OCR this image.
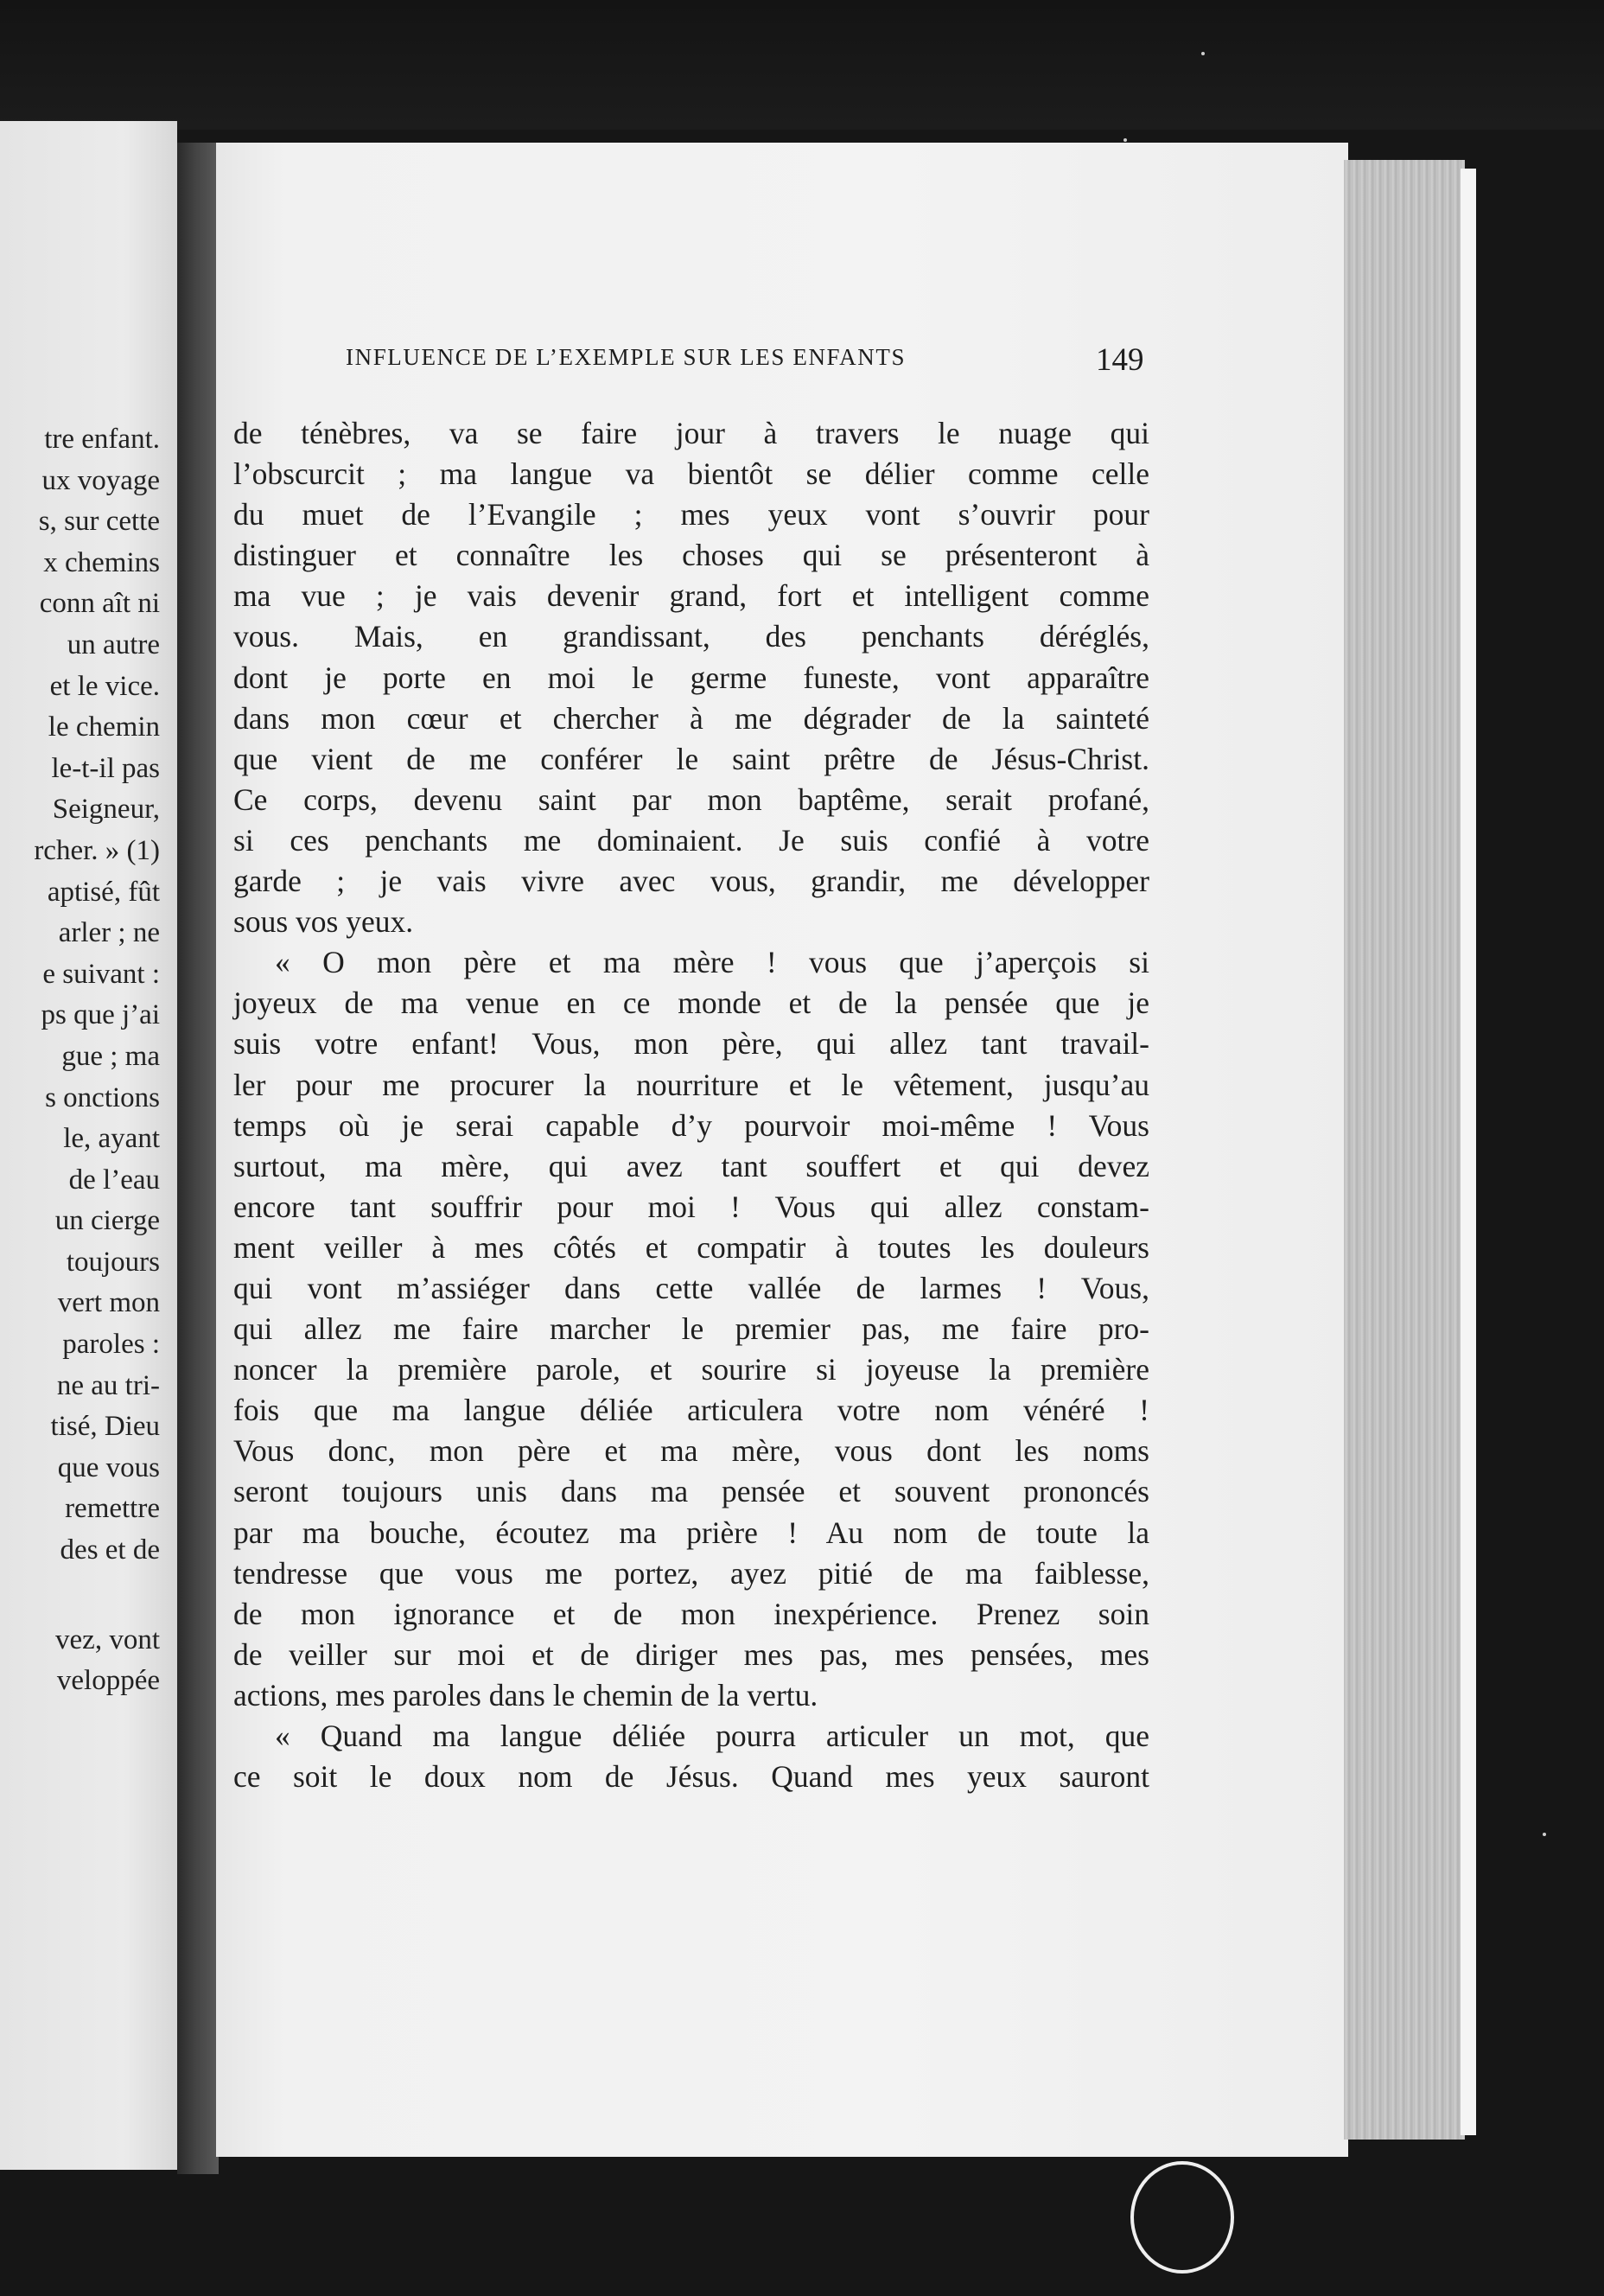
tre enfant.
ux voyage
s, sur cette
x chemins
conn aît ni
un autre
et le vice.
le chemin
le-t-il pas
Seigneur,
rcher. » (1)
aptisé, fût
arler ; ne
e suivant :
ps que j’ai
gue ; ma
s onctions
le, ayant
de l’eau
un cierge
toujours
vert mon
paroles :
ne au tri-
tisé, Dieu
que vous
remettre
des et de
vez, vont
veloppée
INFLUENCE DE L’EXEMPLE SUR LES ENFANTS	149
de ténèbres, va se faire jour à travers le nuage qui
l’obscurcit ; ma langue va bientôt se délier comme celle
du muet de l’Evangile ; mes yeux vont s’ouvrir pour
distinguer et connaître les choses qui se présenteront à
ma vue ; je vais devenir grand, fort et intelligent comme
vous. Mais, en grandissant, des penchants déréglés,
dont je porte en moi le germe funeste, vont apparaître
dans mon cœur et chercher à me dégrader de la sainteté
que vient de me conférer le saint prêtre de Jésus-Christ.
Ce corps, devenu saint par mon baptême, serait profané,
si ces penchants me dominaient. Je suis confié à votre
garde ; je vais vivre avec vous, grandir, me développer
sous vos yeux.
« O mon père et ma mère ! vous que j’aperçois si
joyeux de ma venue en ce monde et de la pensée que je
suis votre enfant! Vous, mon père, qui allez tant travail-
ler pour me procurer la nourriture et le vêtement, jusqu’au
temps où je serai capable d’y pourvoir moi-même ! Vous
surtout, ma mère, qui avez tant souffert et qui devez
encore tant souffrir pour moi ! Vous qui allez constam-
ment veiller à mes côtés et compatir à toutes les douleurs
qui vont m’assiéger dans cette vallée de larmes ! Vous,
qui allez me faire marcher le premier pas, me faire pro-
noncer la première parole, et sourire si joyeuse la première
fois que ma langue déliée articulera votre nom vénéré !
Vous donc, mon père et ma mère, vous dont les noms
seront toujours unis dans ma pensée et souvent prononcés
par ma bouche, écoutez ma prière ! Au nom de toute la
tendresse que vous me portez, ayez pitié de ma faiblesse,
de mon ignorance et de mon inexpérience. Prenez soin
de veiller sur moi et de diriger mes pas, mes pensées, mes
actions, mes paroles dans le chemin de la vertu.
« Quand ma langue déliée pourra articuler un mot, que
ce soit le doux nom de Jésus. Quand mes yeux sauront
